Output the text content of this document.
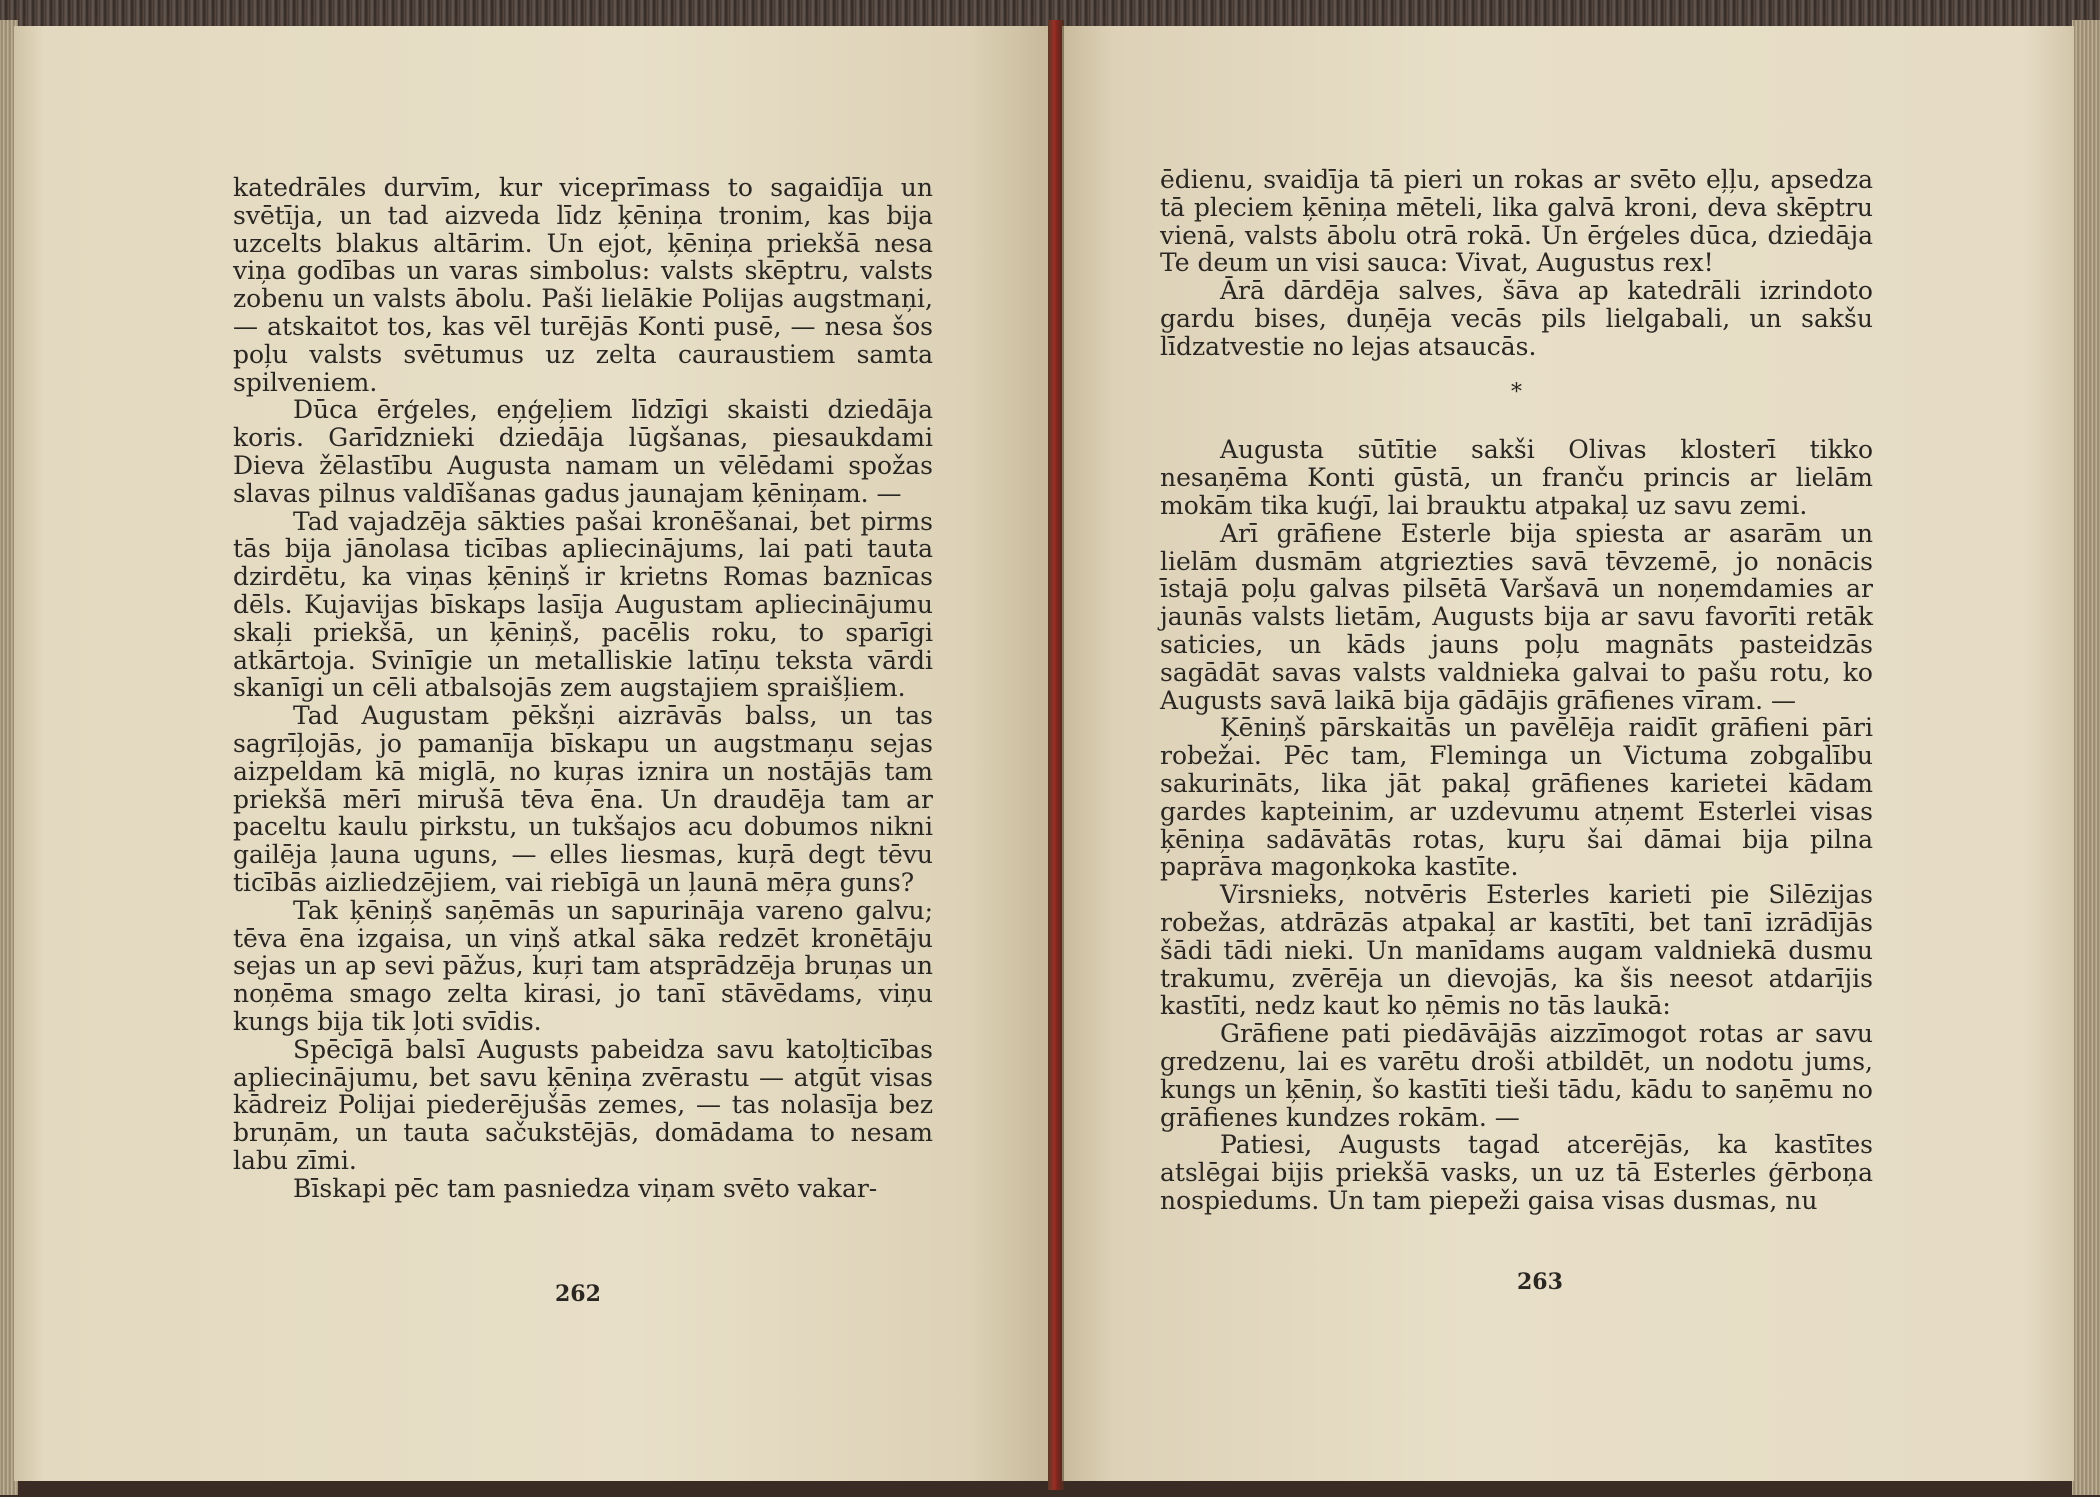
katedrāles durvīm, kur viceprīmass to sagaidīja un svētīja, un tad aizveda līdz ķēniņa tronim, kas bija uzcelts blakus altārim. Un ejot, ķēniņa priekšā nesa viņa godības un varas simbolus: valsts skēptru, valsts zobenu un valsts ābolu. Paši lielākie Polijas augstmaņi, — atskaitot tos, kas vēl turējās Konti pusē, — nesa šos poļu valsts svētumus uz zelta cauraustiem samta spilveniem.

Dūca ērģeles, eņģeļiem līdzīgi skaisti dziedāja koris. Garīdznieki dziedāja lūgšanas, piesaukdami Dieva žēlastību Augusta namam un vēlēdami spožas slavas pilnus valdīšanas gadus jaunajam ķēniņam. —

Tad vajadzēja sākties pašai kronēšanai, bet pirms tās bija jānolasa ticības apliecinājums, lai pati tauta dzirdētu, ka viņas ķēniņš ir krietns Romas baznīcas dēls. Kujavijas bīskaps lasīja Augustam apliecinājumu skaļi priekšā, un ķēniņš, pacēlis roku, to sparīgi atkārtoja. Svinīgie un metalliskie latīņu teksta vārdi skanīgi un cēli atbalsojās zem augstajiem spraišļiem.

Tad Augustam pēkšņi aizrāvās balss, un tas sagrīļojās, jo pamanīja bīskapu un augstmaņu sejas aizpeldam kā miglā, no kuŗas iznira un nostājās tam priekšā mērī mirušā tēva ēna. Un draudēja tam ar paceltu kaulu pirkstu, un tukšajos acu dobumos nikni gailēja ļauna uguns, — elles liesmas, kuŗā degt tēvu ticībās aizliedzējiem, vai riebīgā un ļaunā mēŗa guns?

Tak ķēniņš saņēmās un sapurināja vareno galvu; tēva ēna izgaisa, un viņš atkal sāka redzēt kronētāju sejas un ap sevi pāžus, kuŗi tam atsprādzēja bruņas un noņēma smago zelta kirasi, jo tanī stāvēdams, viņu kungs bija tik ļoti svīdis.

Spēcīgā balsī Augusts pabeidza savu katoļticības apliecinājumu, bet savu ķēniņa zvērastu — atgūt visas kādreiz Polijai piederējušās zemes, — tas nolasīja bez bruņām, un tauta sačukstējās, domādama to nesam labu zīmi.

Bīskapi pēc tam pasniedza viņam svēto vakar-

262

ēdienu, svaidīja tā pieri un rokas ar svēto eļļu, apsedza tā pleciem ķēniņa mēteli, lika galvā kroni, deva skēptru vienā, valsts ābolu otrā rokā. Un ērģeles dūca, dziedāja Te deum un visi sauca: Vivat, Augustus rex!

Ārā dārdēja salves, šāva ap katedrāli izrindoto gardu bises, duņēja vecās pils lielgabali, un sakšu līdzatvestie no lejas atsaucās.

*

Augusta sūtītie sakši Olivas klosterī tikko nesaņēma Konti gūstā, un franču princis ar lielām mokām tika kuģī, lai brauktu atpakaļ uz savu zemi.

Arī grāfiene Esterle bija spiesta ar asarām un lielām dusmām atgriezties savā tēvzemē, jo nonācis īstajā poļu galvas pilsētā Varšavā un noņemdamies ar jaunās valsts lietām, Augusts bija ar savu favorīti retāk saticies, un kāds jauns poļu magnāts pasteidzās sagādāt savas valsts valdnieka galvai to pašu rotu, ko Augusts savā laikā bija gādājis grāfienes vīram. —

Ķēniņš pārskaitās un pavēlēja raidīt grāfieni pāri robežai. Pēc tam, Fleminga un Victuma zobgalību sakurināts, lika jāt pakaļ grāfienes karietei kādam gardes kapteinim, ar uzdevumu atņemt Esterlei visas ķēniņa sadāvātās rotas, kuŗu šai dāmai bija pilna paprāva magoņkoka kastīte.

Virsnieks, notvēris Esterles karieti pie Silēzijas robežas, atdrāzās atpakaļ ar kastīti, bet tanī izrādījās šādi tādi nieki. Un manīdams augam valdniekā dusmu trakumu, zvērēja un dievojās, ka šis neesot atdarījis kastīti, nedz kaut ko ņēmis no tās laukā:

Grāfiene pati piedāvājās aizzīmogot rotas ar savu gredzenu, lai es varētu droši atbildēt, un nodotu jums, kungs un ķēniņ, šo kastīti tieši tādu, kādu to saņēmu no grāfienes kundzes rokām. —

Patiesi, Augusts tagad atcerējās, ka kastītes atslēgai bijis priekšā vasks, un uz tā Esterles ģērboņa nospiedums. Un tam piepeži gaisa visas dusmas, nu

263
